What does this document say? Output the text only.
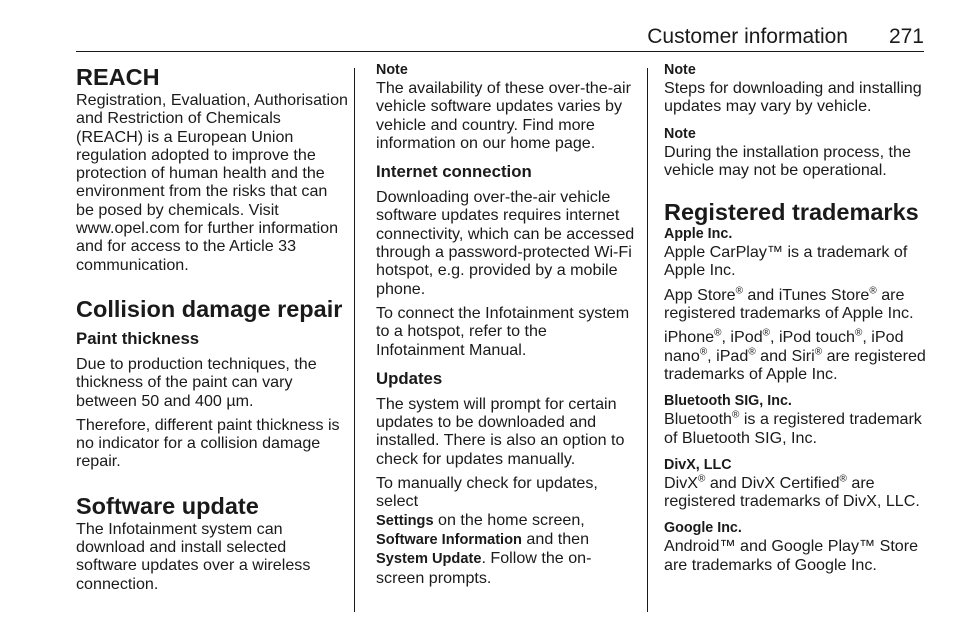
Customer information 271
REACH

Registration, Evaluation, Authorisation and Restriction of Chemicals (REACH) is a European Union regulation adopted to improve the protection of human health and the environment from the risks that can be posed by chemicals. Visit www.opel.com for further information and for access to the Article 33 communication.

Collision damage repair
Paint thickness

Due to production techniques, the thickness of the paint can vary between 50 and 400 µm.

Therefore, different paint thickness is no indicator for a collision damage repair.

Software update

The Infotainment system can download and install selected software updates over a wireless connection.

Note

The availability of these over-the-air vehicle software updates varies by vehicle and country. Find more information on our home page.

Internet connection

Downloading over-the-air vehicle software updates requires internet connectivity, which can be accessed through a password-protected Wi-Fi hotspot, e.g. provided by a mobile phone.

To connect the Infotainment system to a hotspot, refer to the Infotainment Manual.

Updates

The system will prompt for certain updates to be downloaded and installed. There is also an option to check for updates manually.

To manually check for updates, select
Settings on the home screen,
Software Information and then
System Update. Follow the on-screen prompts.

Note

Steps for downloading and installing updates may vary by vehicle.

Note

During the installation process, the vehicle may not be operational.

Registered trademarks
Apple Inc.

Apple CarPlay™ is a trademark of Apple Inc.

App Store® and iTunes Store® are registered trademarks of Apple Inc.

iPhone®, iPod®, iPod touch®, iPod nano®, iPad® and Siri® are registered trademarks of Apple Inc.

Bluetooth SIG, Inc.

Bluetooth® is a registered trademark of Bluetooth SIG, Inc.

DivX, LLC

DivX® and DivX Certified® are registered trademarks of DivX, LLC.

Google Inc.

Android™ and Google Play™ Store are trademarks of Google Inc.
